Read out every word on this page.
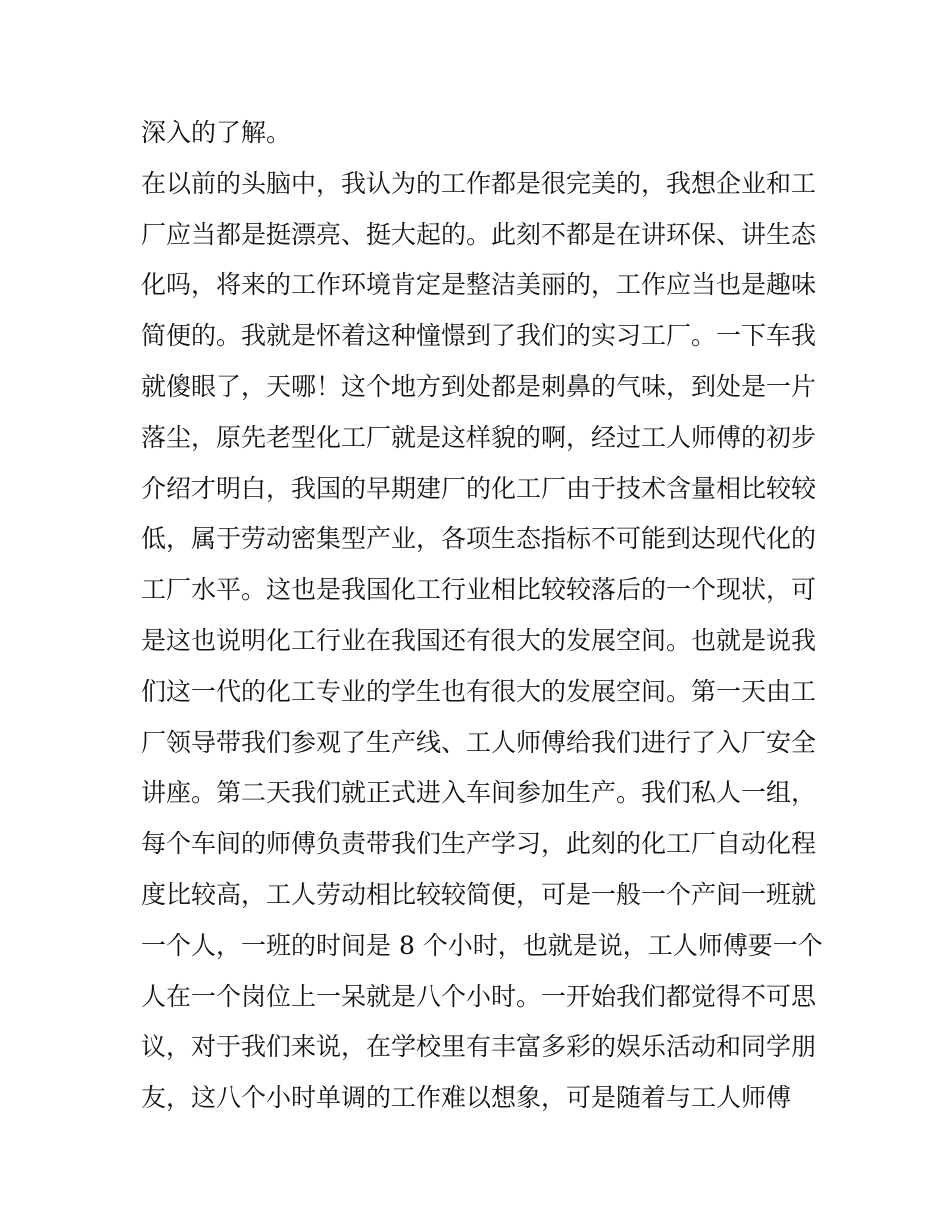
深入的了解。
在以前的头脑中，我认为的工作都是很完美的，我想企业和工
厂应当都是挺漂亮、挺大起的。此刻不都是在讲环保、讲生态
化吗，将来的工作环境肯定是整洁美丽的，工作应当也是趣味
简便的。我就是怀着这种憧憬到了我们的实习工厂。一下车我
就傻眼了，天哪！这个地方到处都是刺鼻的气味，到处是一片
落尘，原先老型化工厂就是这样貌的啊，经过工人师傅的初步
介绍才明白，我国的早期建厂的化工厂由于技术含量相比较较
低，属于劳动密集型产业，各项生态指标不可能到达现代化的
工厂水平。这也是我国化工行业相比较较落后的一个现状，可
是这也说明化工行业在我国还有很大的发展空间。也就是说我
们这一代的化工专业的学生也有很大的发展空间。第一天由工
厂领导带我们参观了生产线、工人师傅给我们进行了入厂安全
讲座。第二天我们就正式进入车间参加生产。我们私人一组，
每个车间的师傅负责带我们生产学习，此刻的化工厂自动化程
度比较高，工人劳动相比较较简便，可是一般一个产间一班就
一个人，一班的时间是 8 个小时，也就是说，工人师傅要一个
人在一个岗位上一呆就是八个小时。一开始我们都觉得不可思
议，对于我们来说，在学校里有丰富多彩的娱乐活动和同学朋
友，这八个小时单调的工作难以想象，可是随着与工人师傅
